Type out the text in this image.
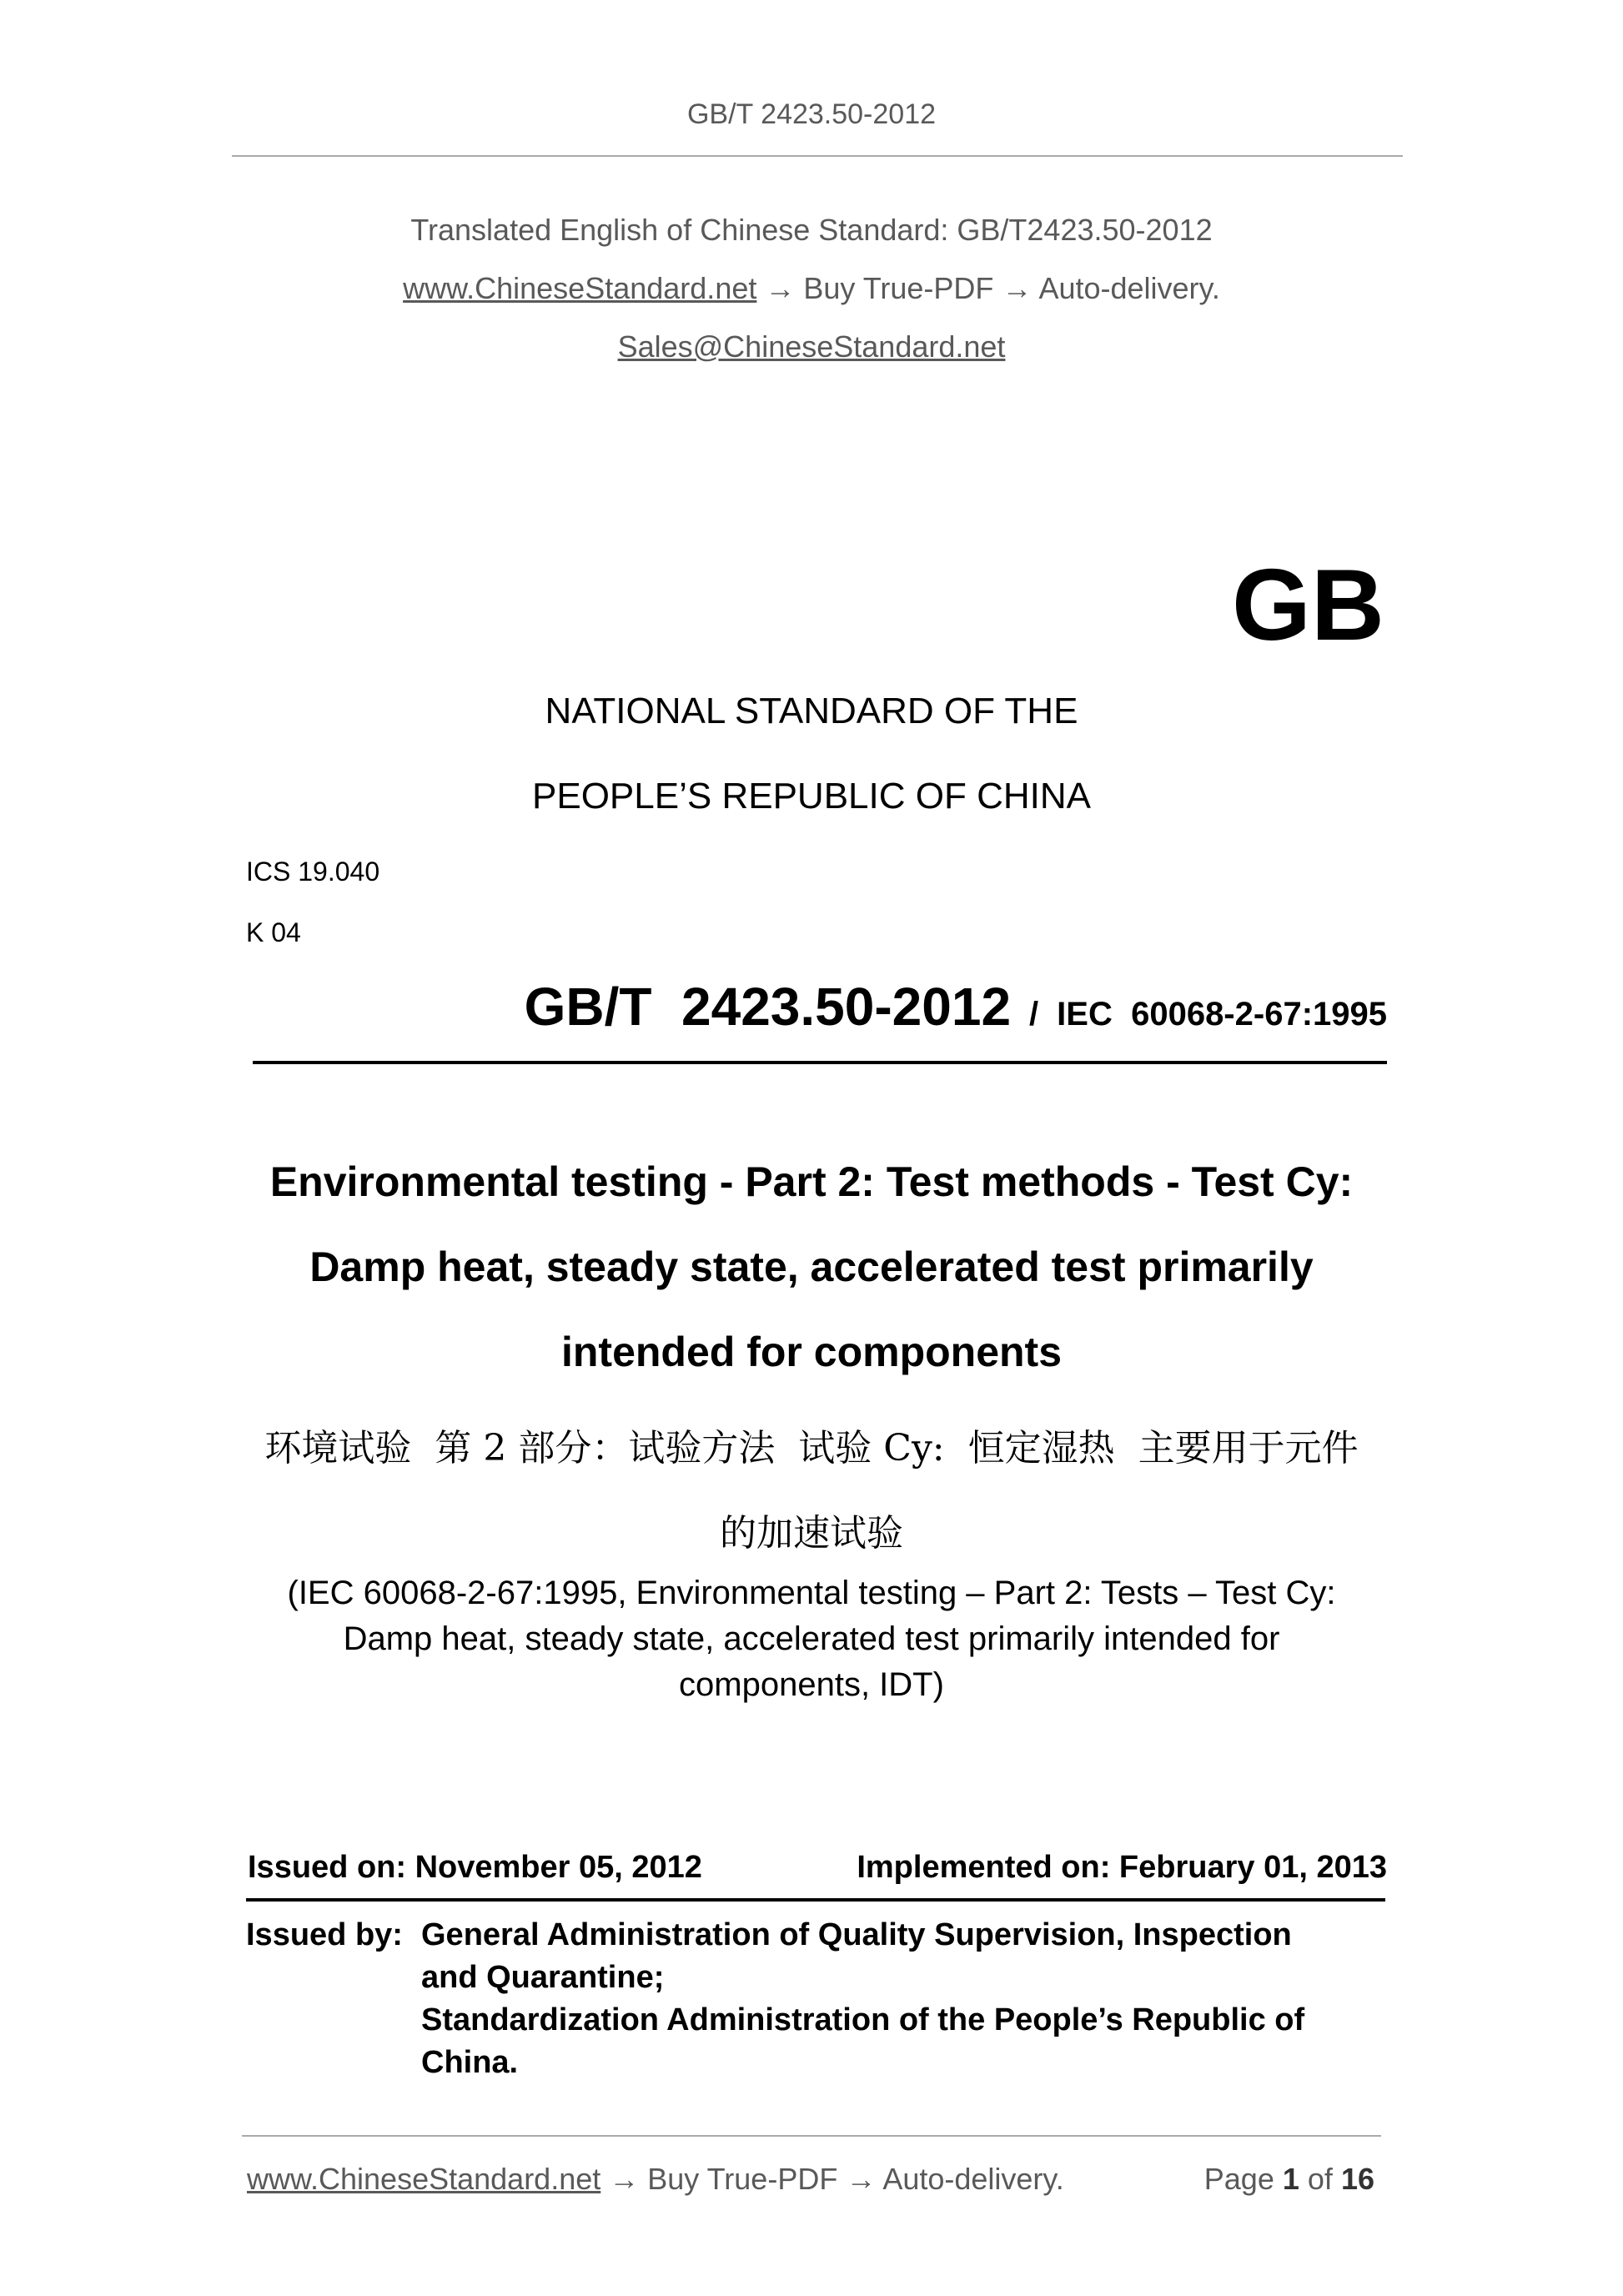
GB/T 2423.50-2012
Translated English of Chinese Standard: GB/T2423.50-2012
www.ChineseStandard.net → Buy True-PDF → Auto-delivery.
Sales@ChineseStandard.net
GB
NATIONAL STANDARD OF THE
PEOPLE’S REPUBLIC OF CHINA
ICS 19.040
K 04
GB/T  2423.50-2012 / IEC  60068-2-67:1995
Environmental testing - Part 2: Test methods - Test Cy:
Damp heat, steady state, accelerated test primarily
intended for components
环境试验  第 2 部分：试验方法  试验 Cy:  恒定湿热  主要用于元件
的加速试验
(IEC 60068-2-67:1995, Environmental testing – Part 2: Tests – Test Cy:
Damp heat, steady state, accelerated test primarily intended for
components, IDT)
Issued on: November 05, 2012	Implemented on: February 01, 2013
Issued by: General Administration of Quality Supervision, Inspection
and Quarantine;
Standardization Administration of the People’s Republic of
China.
www.ChineseStandard.net → Buy True-PDF → Auto-delivery.	Page 1 of 16
